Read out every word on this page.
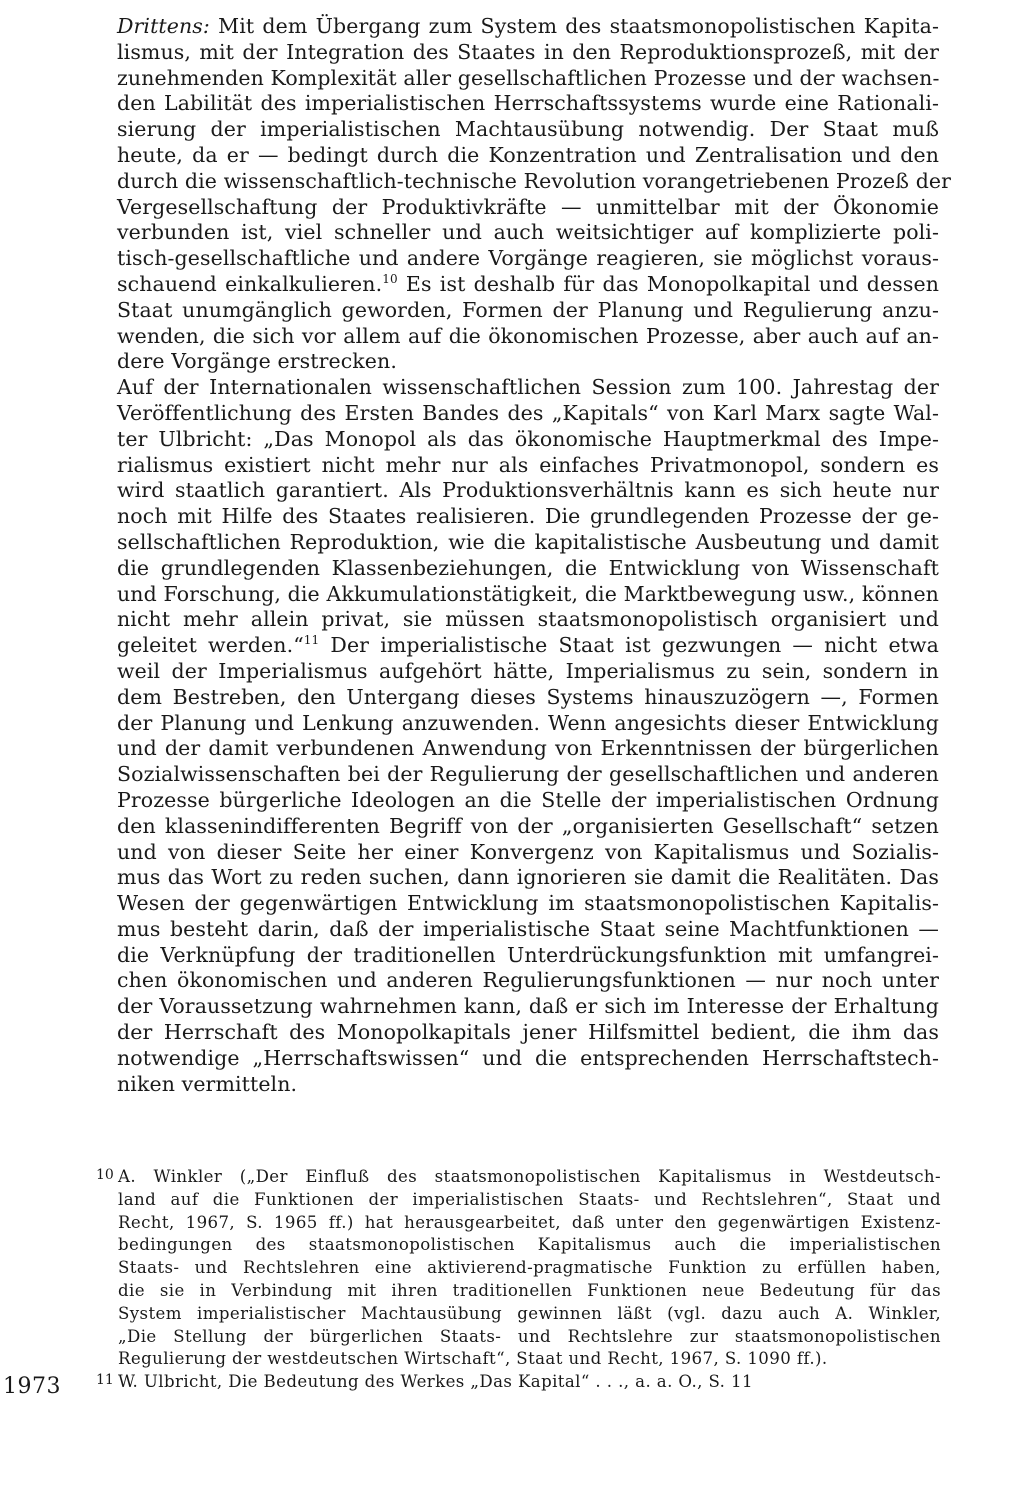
Drittens: Mit dem Übergang zum System des staatsmonopolistischen Kapita-
lismus, mit der Integration des Staates in den Reproduktionsprozeß, mit der
zunehmenden Komplexität aller gesellschaftlichen Prozesse und der wachsen-
den Labilität des imperialistischen Herrschaftssystems wurde eine Rationali-
sierung der imperialistischen Machtausübung notwendig. Der Staat muß
heute, da er — bedingt durch die Konzentration und Zentralisation und den
durch die wissenschaftlich-technische Revolution vorangetriebenen Prozeß der
Vergesellschaftung der Produktivkräfte — unmittelbar mit der Ökonomie
verbunden ist, viel schneller und auch weitsichtiger auf komplizierte poli-
tisch-gesellschaftliche und andere Vorgänge reagieren, sie möglichst voraus-
schauend einkalkulieren.$^{10}$ Es ist deshalb für das Monopolkapital und dessen
Staat unumgänglich geworden, Formen der Planung und Regulierung anzu-
wenden, die sich vor allem auf die ökonomischen Prozesse, aber auch auf an-
dere Vorgänge erstrecken.
Auf der Internationalen wissenschaftlichen Session zum 100. Jahrestag der
Veröffentlichung des Ersten Bandes des „Kapitals“ von Karl Marx sagte Wal-
ter Ulbricht: „Das Monopol als das ökonomische Hauptmerkmal des Impe-
rialismus existiert nicht mehr nur als einfaches Privatmonopol, sondern es
wird staatlich garantiert. Als Produktionsverhältnis kann es sich heute nur
noch mit Hilfe des Staates realisieren. Die grundlegenden Prozesse der ge-
sellschaftlichen Reproduktion, wie die kapitalistische Ausbeutung und damit
die grundlegenden Klassenbeziehungen, die Entwicklung von Wissenschaft
und Forschung, die Akkumulationstätigkeit, die Marktbewegung usw., können
nicht mehr allein privat, sie müssen staatsmonopolistisch organisiert und
geleitet werden.“$^{11}$ Der imperialistische Staat ist gezwungen — nicht etwa
weil der Imperialismus aufgehört hätte, Imperialismus zu sein, sondern in
dem Bestreben, den Untergang dieses Systems hinauszuzögern —, Formen
der Planung und Lenkung anzuwenden. Wenn angesichts dieser Entwicklung
und der damit verbundenen Anwendung von Erkenntnissen der bürgerlichen
Sozialwissenschaften bei der Regulierung der gesellschaftlichen und anderen
Prozesse bürgerliche Ideologen an die Stelle der imperialistischen Ordnung
den klassenindifferenten Begriff von der „organisierten Gesellschaft“ setzen
und von dieser Seite her einer Konvergenz von Kapitalismus und Sozialis-
mus das Wort zu reden suchen, dann ignorieren sie damit die Realitäten. Das
Wesen der gegenwärtigen Entwicklung im staatsmonopolistischen Kapitalis-
mus besteht darin, daß der imperialistische Staat seine Machtfunktionen —
die Verknüpfung der traditionellen Unterdrückungsfunktion mit umfangrei-
chen ökonomischen und anderen Regulierungsfunktionen — nur noch unter
der Voraussetzung wahrnehmen kann, daß er sich im Interesse der Erhaltung
der Herrschaft des Monopolkapitals jener Hilfsmittel bedient, die ihm das
notwendige „Herrschaftswissen“ und die entsprechenden Herrschaftstech-
niken vermitteln.
10 A. Winkler („Der Einfluß des staatsmonopolistischen Kapitalismus in Westdeutsch-
land auf die Funktionen der imperialistischen Staats- und Rechtslehren“, Staat und
Recht, 1967, S. 1965 ff.) hat herausgearbeitet, daß unter den gegenwärtigen Existenz-
bedingungen des staatsmonopolistischen Kapitalismus auch die imperialistischen
Staats- und Rechtslehren eine aktivierend-pragmatische Funktion zu erfüllen haben,
die sie in Verbindung mit ihren traditionellen Funktionen neue Bedeutung für das
System imperialistischer Machtausübung gewinnen läßt (vgl. dazu auch A. Winkler,
„Die Stellung der bürgerlichen Staats- und Rechtslehre zur staatsmonopolistischen
Regulierung der westdeutschen Wirtschaft“, Staat und Recht, 1967, S. 1090 ff.).
11 W. Ulbricht, Die Bedeutung des Werkes „Das Kapital“ . . ., a. a. O., S. 11
1973
